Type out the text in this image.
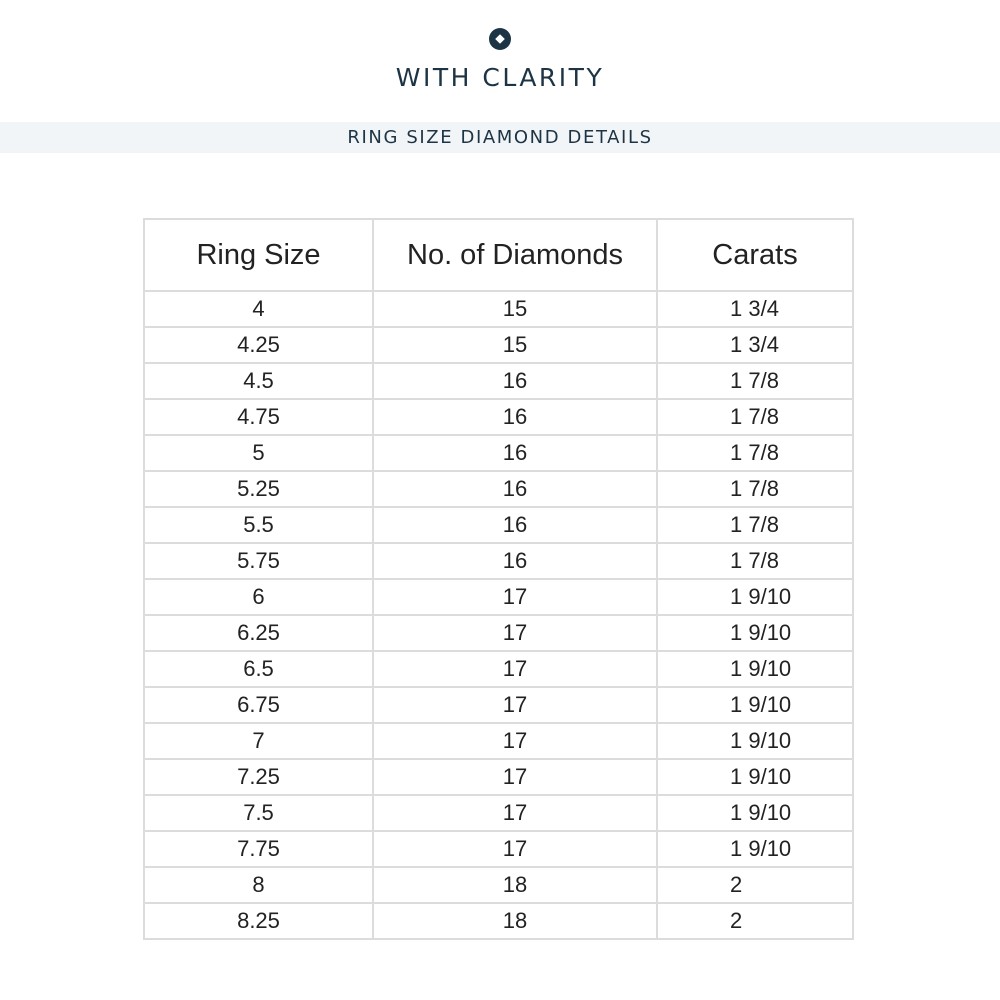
WITH CLARITY
RING SIZE DIAMOND DETAILS
Ring Size	No. of Diamonds	Carats
4	15	1 3/4
4.25	15	1 3/4
4.5	16	1 7/8
4.75	16	1 7/8
5	16	1 7/8
5.25	16	1 7/8
5.5	16	1 7/8
5.75	16	1 7/8
6	17	1 9/10
6.25	17	1 9/10
6.5	17	1 9/10
6.75	17	1 9/10
7	17	1 9/10
7.25	17	1 9/10
7.5	17	1 9/10
7.75	17	1 9/10
8	18	2
8.25	18	2
